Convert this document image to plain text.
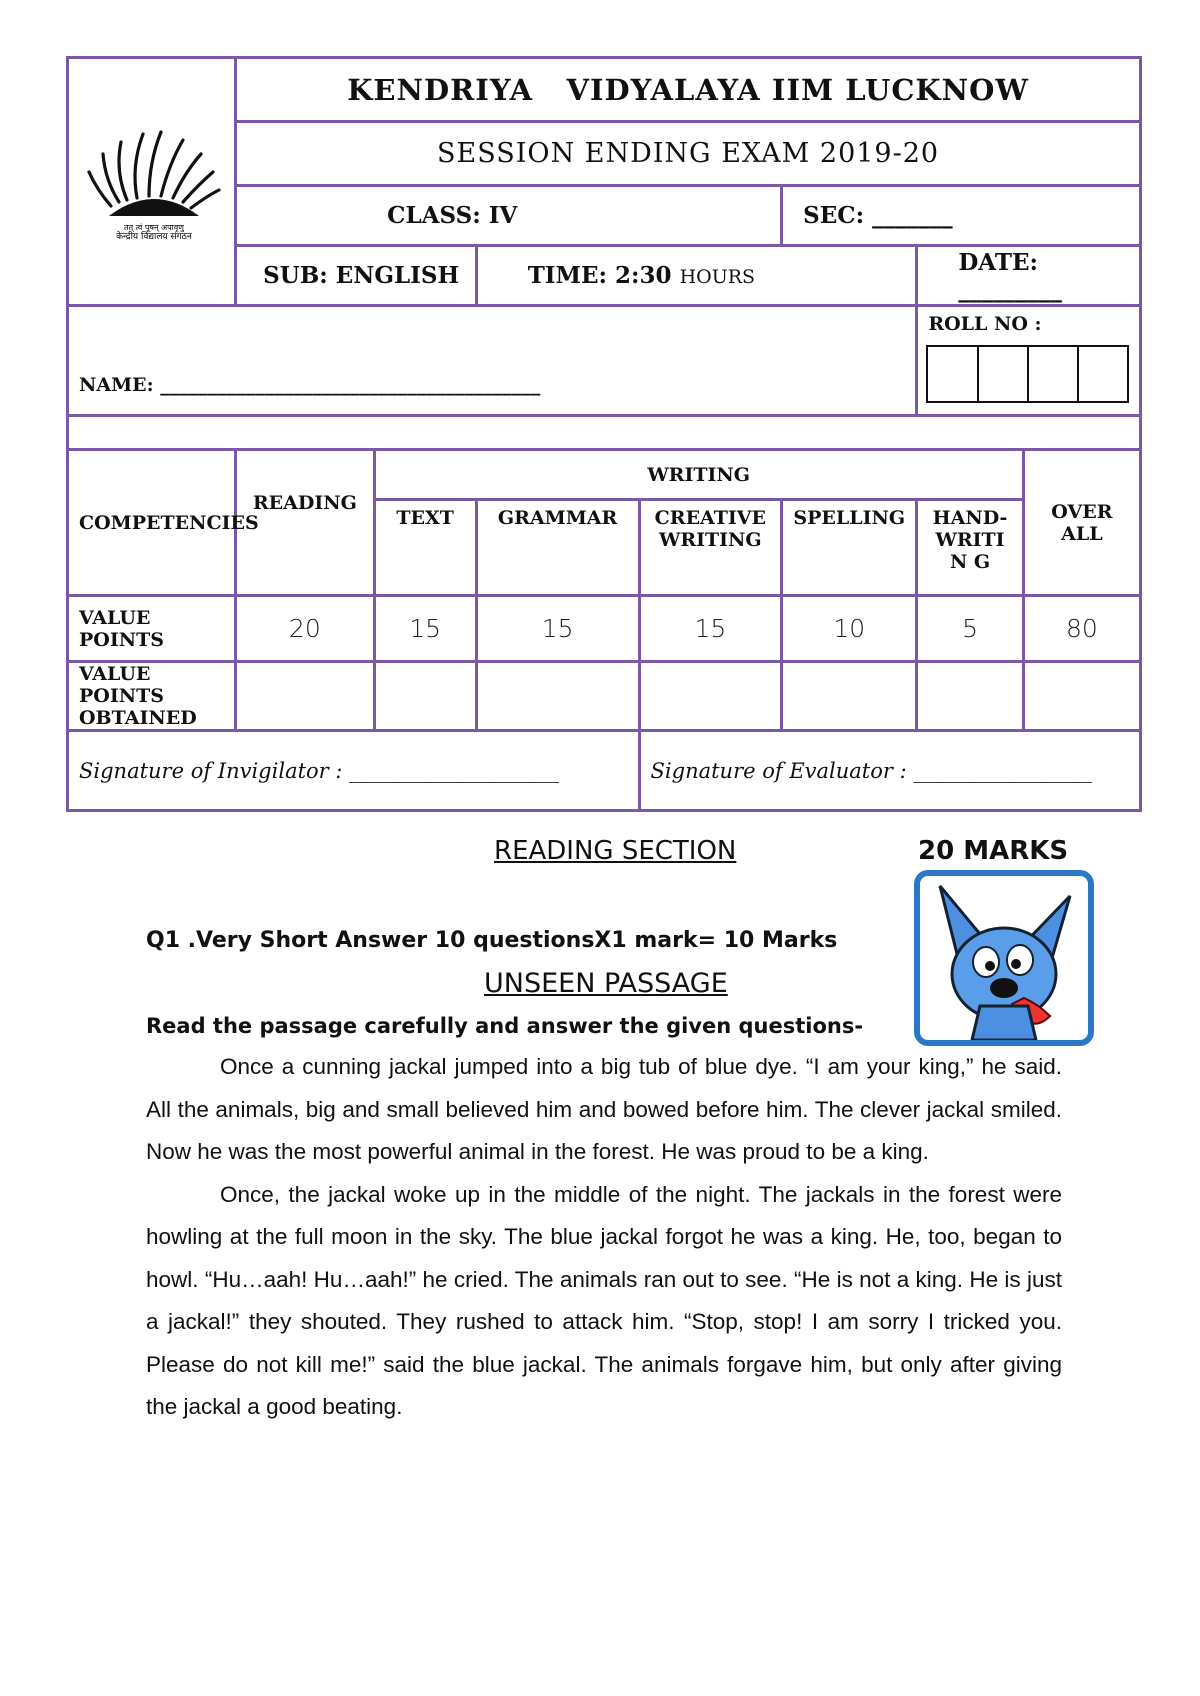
तत् त्वं पूषन् अपावृणु
केन्द्रीय विद्यालय संगठन	KENDRIYA   VIDYALAYA IIM LUCKNOW						
	SESSION ENDING EXAM 2019-20						
	CLASS: IV				SEC: _______		
	SUB: ENGLISH		TIME: 2:30 HOURS			DATE: _________	
NAME: ________________________________________						ROLL NO :	

COMPETENCIES	READING	WRITING					OVER ALL
		TEXT	GRAMMAR	CREATIVE WRITING	SPELLING	HAND-WRITIN G	
VALUE POINTS	20	15	15	15	10	5	80
VALUE POINTS OBTAINED							
Signature of Invigilator : ____________________				Signature of Evaluator : _________________			
READING SECTION	20 MARKS
Q1 .Very Short Answer 10 questionsX1 mark= 10 Marks
UNSEEN PASSAGE
Read the passage carefully and answer the given questions-

Once a cunning jackal jumped into a big tub of blue dye. “I am your king,” he said. All the animals, big and small believed him and bowed before him. The clever jackal smiled. Now he was the most powerful animal in the forest. He was proud to be a king.

Once, the jackal woke up in the middle of the night. The jackals in the forest were howling at the full moon in the sky. The blue jackal forgot he was a king. He, too, began to howl. “Hu…aah! Hu…aah!” he cried. The animals ran out to see. “He is not a king. He is just a jackal!” they shouted. They rushed to attack him. “Stop, stop! I am sorry I tricked you. Please do not kill me!” said the blue jackal. The animals forgave him, but only after giving the jackal a good beating.
